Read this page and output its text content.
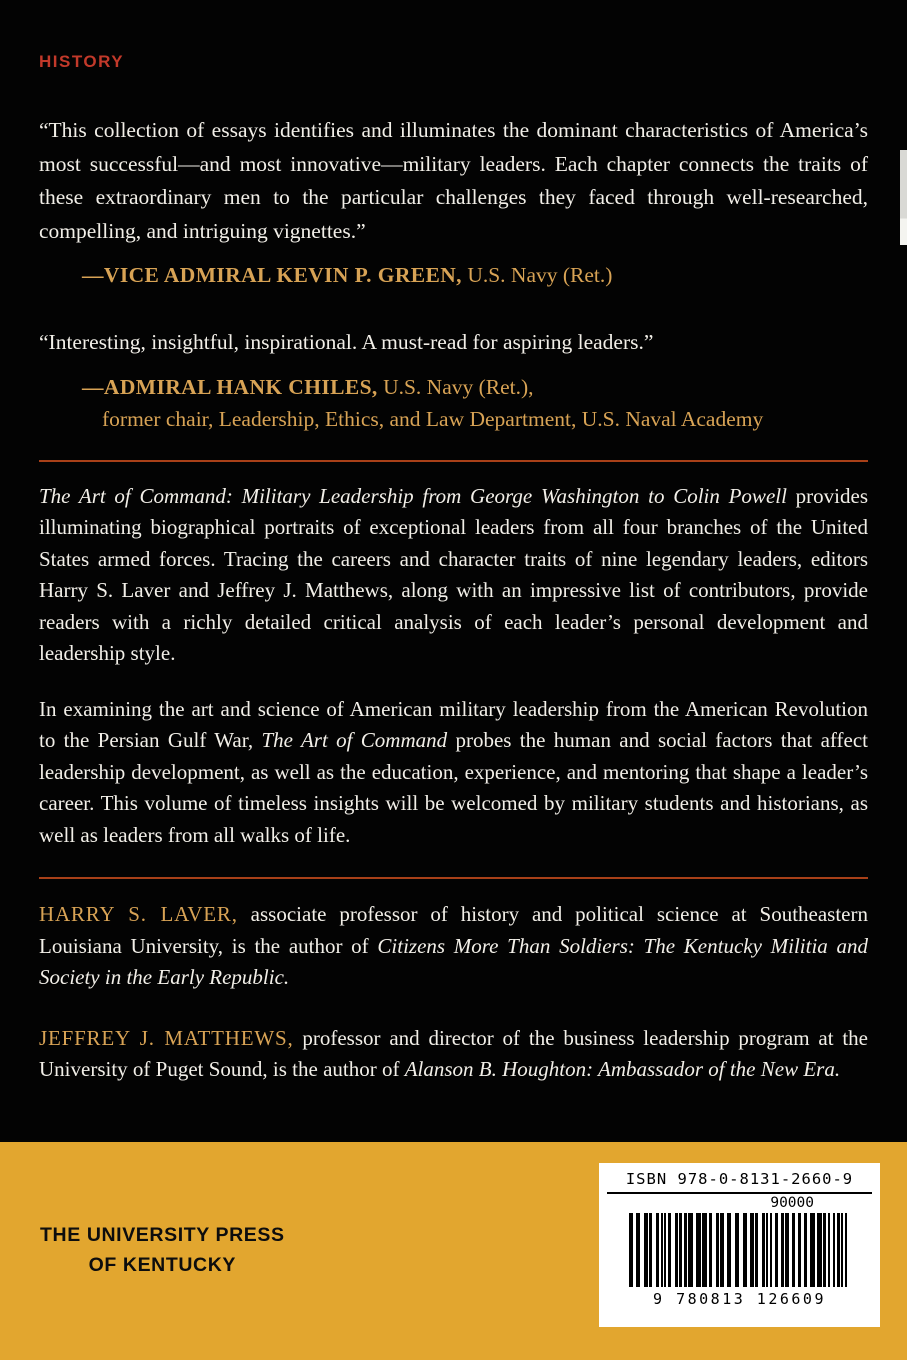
HISTORY

“This collection of essays identifies and illuminates the dominant characteristics of America’s most successful—and most innovative—military leaders. Each chapter connects the traits of these extraordinary men to the particular challenges they faced through well-researched, compelling, and intriguing vignettes.”

—VICE ADMIRAL KEVIN P. GREEN, U.S. Navy (Ret.)

“Interesting, insightful, inspirational. A must-read for aspiring leaders.”

—ADMIRAL HANK CHILES, U.S. Navy (Ret.),

former chair, Leadership, Ethics, and Law Department, U.S. Naval Academy

The Art of Command: Military Leadership from George Washington to Colin Powell provides illuminating biographical portraits of exceptional leaders from all four branches of the United States armed forces. Tracing the careers and character traits of nine legendary leaders, editors Harry S. Laver and Jeffrey J. Matthews, along with an impressive list of contributors, provide readers with a richly detailed critical analysis of each leader’s personal development and leadership style.

In examining the art and science of American military leadership from the American Revolution to the Persian Gulf War, The Art of Command probes the human and social factors that affect leadership development, as well as the education, experience, and mentoring that shape a leader’s career. This volume of timeless insights will be welcomed by military students and historians, as well as leaders from all walks of life.

HARRY S. LAVER, associate professor of history and political science at Southeastern Louisiana University, is the author of Citizens More Than Soldiers: The Kentucky Militia and Society in the Early Republic.

JEFFREY J. MATTHEWS, professor and director of the business leadership program at the University of Puget Sound, is the author of Alanson B. Houghton: Ambassador of the New Era.

THE UNIVERSITY PRESS
OF KENTUCKY
ISBN 978-0-8131-2660-9
90000
9 780813 126609
